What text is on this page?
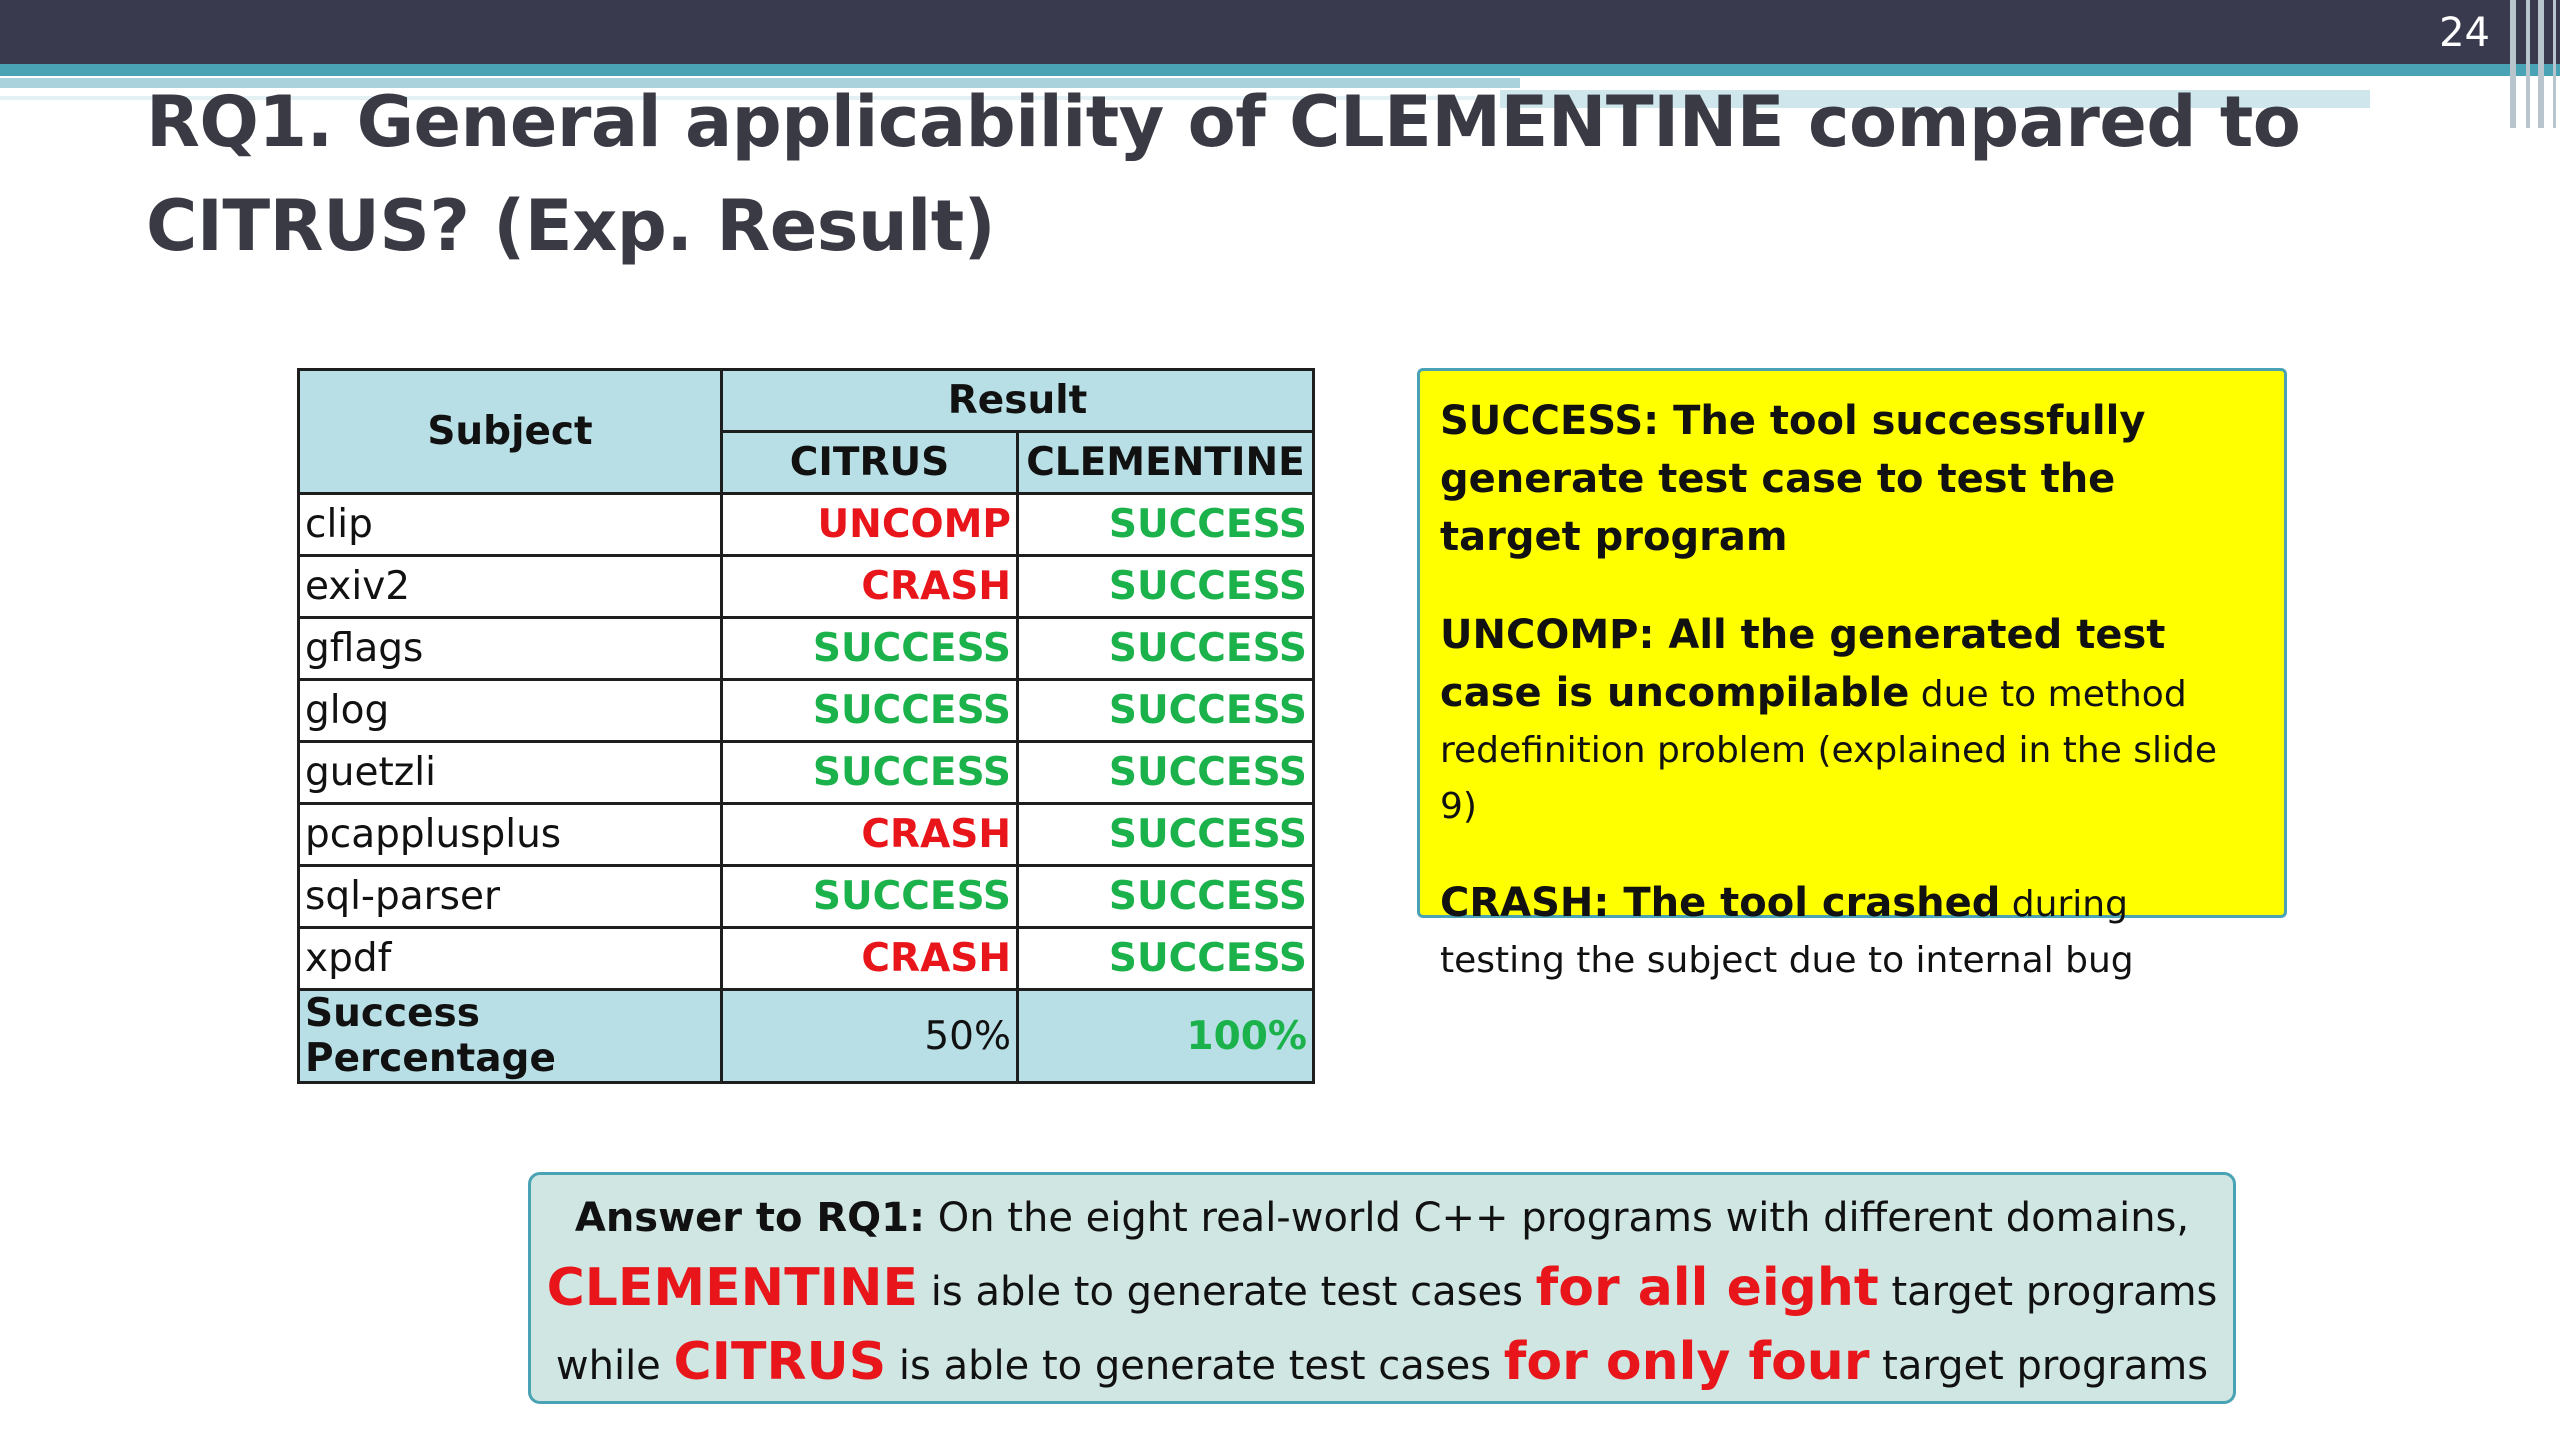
24
RQ1. General applicability of CLEMENTINE compared to
CITRUS? (Exp. Result)
Subject	Result	
	CITRUS	CLEMENTINE
clip	UNCOMP	SUCCESS
exiv2	CRASH	SUCCESS
gflags	SUCCESS	SUCCESS
glog	SUCCESS	SUCCESS
guetzli	SUCCESS	SUCCESS
pcapplusplus	CRASH	SUCCESS
sql-parser	SUCCESS	SUCCESS
xpdf	CRASH	SUCCESS
Success Percentage	50%	100%

SUCCESS: The tool successfully generate test case to test the target program

UNCOMP: All the generated test case is uncompilable due to method redefinition problem (explained in the slide 9)

CRASH: The tool crashed during testing the subject due to internal bug

Answer to RQ1: On the eight real-world C++ programs with different domains,
CLEMENTINE is able to generate test cases for all eight target programs
while CITRUS is able to generate test cases for only four target programs
